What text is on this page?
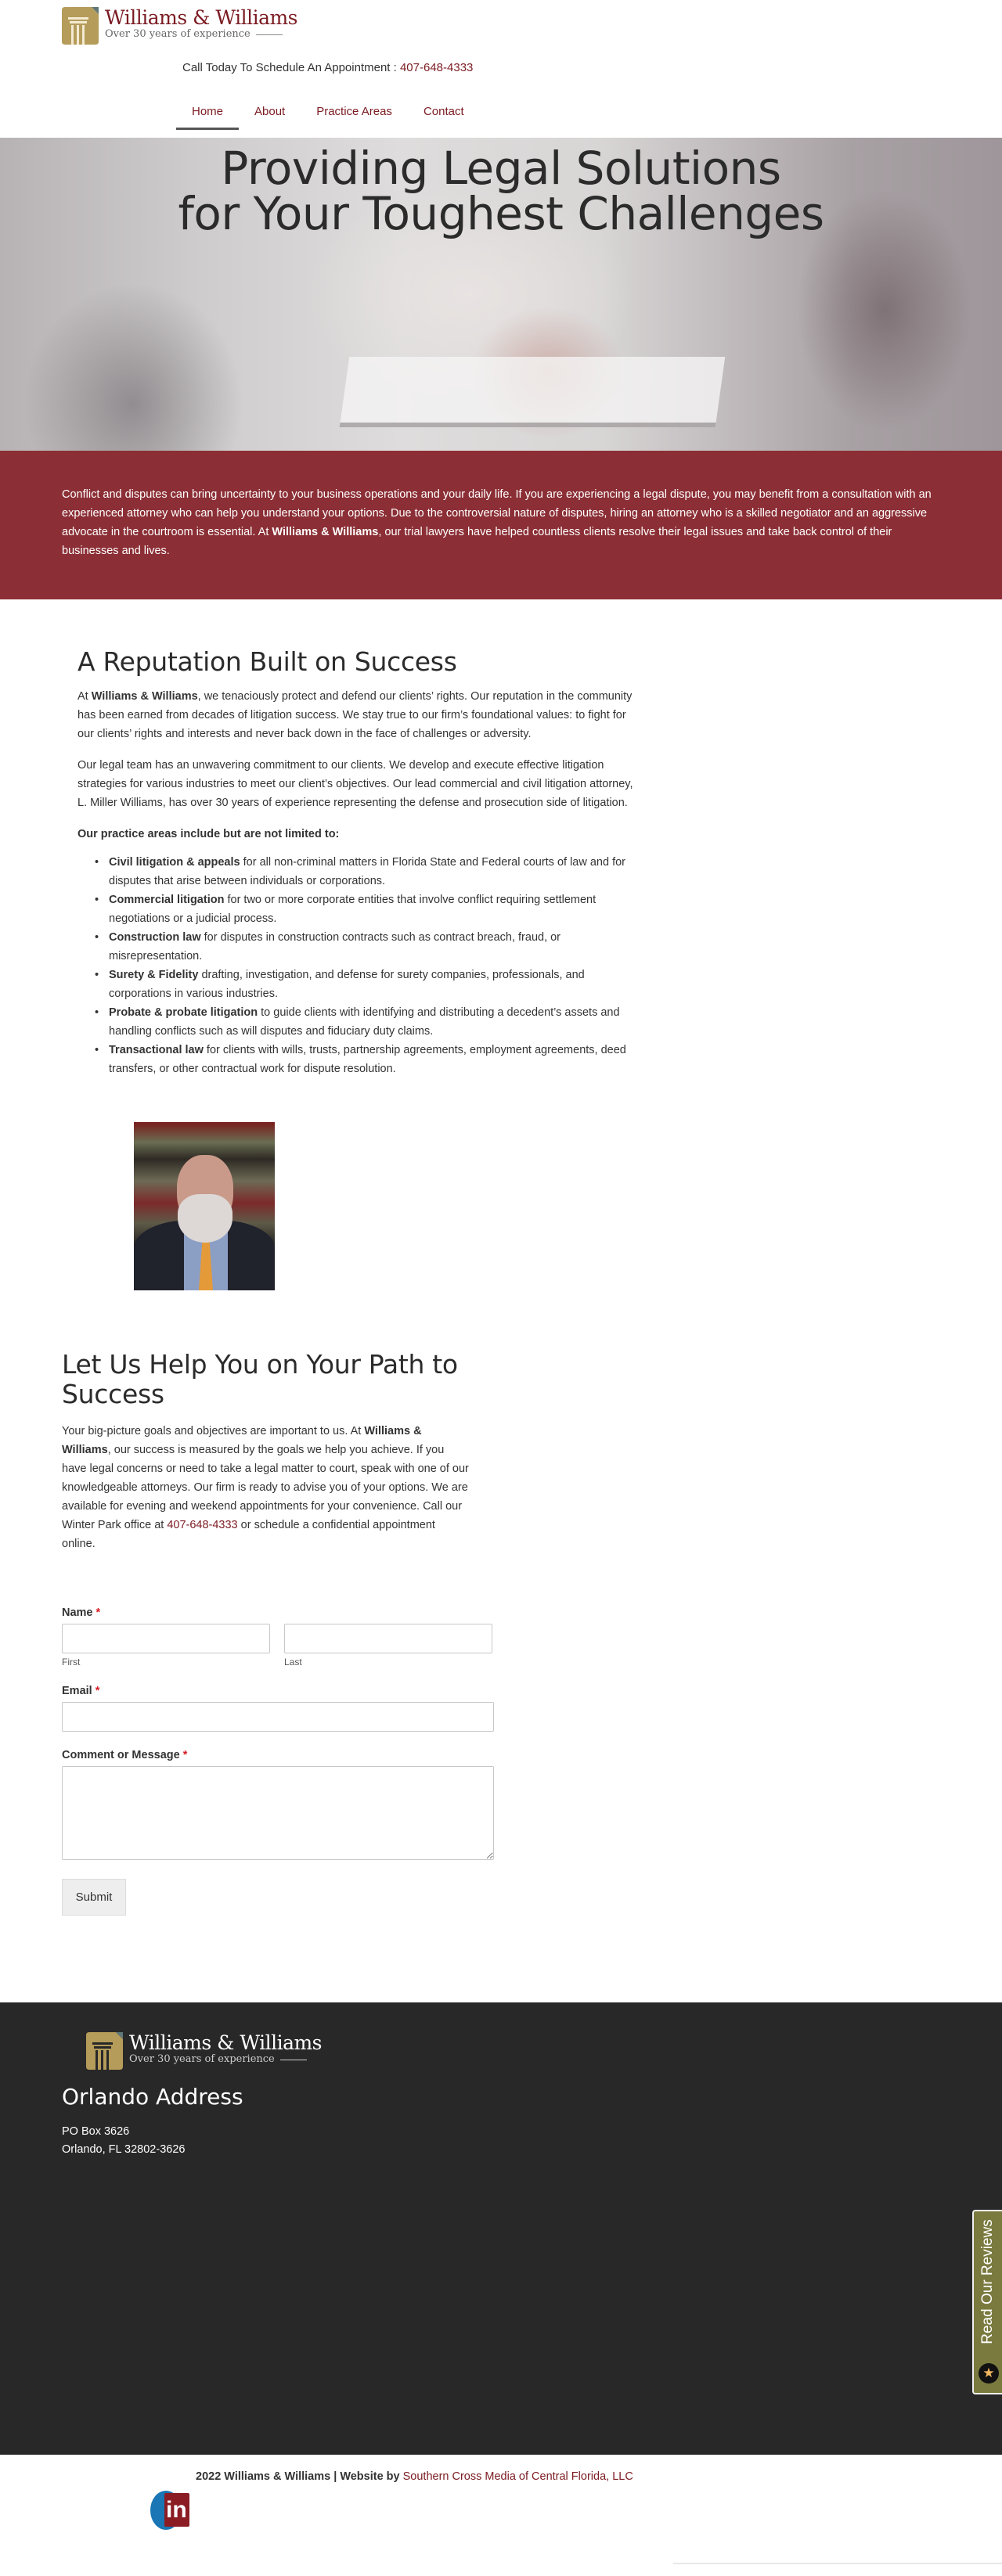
Williams & Williams
Over 30 years of experience
Call Today To Schedule An Appointment : 407-648-4333
Home	About	Practice Areas	Contact
Providing Legal Solutions
for Your Toughest Challenges

Conflict and disputes can bring uncertainty to your business operations and your daily life. If you are experiencing a legal dispute, you may benefit from a consultation with an experienced attorney who can help you understand your options. Due to the controversial nature of disputes, hiring an attorney who is a skilled negotiator and an aggressive advocate in the courtroom is essential. At Williams & Williams, our trial lawyers have helped countless clients resolve their legal issues and take back control of their businesses and lives.

A Reputation Built on Success

At Williams & Williams, we tenaciously protect and defend our clients’ rights. Our reputation in the community has been earned from decades of litigation success. We stay true to our firm’s foundational values: to fight for our clients’ rights and interests and never back down in the face of challenges or adversity.

Our legal team has an unwavering commitment to our clients. We develop and execute effective litigation strategies for various industries to meet our client’s objectives. Our lead commercial and civil litigation attorney, L. Miller Williams, has over 30 years of experience representing the defense and prosecution side of litigation.

Our practice areas include but are not limited to:

• Civil litigation & appeals for all non-criminal matters in Florida State and Federal courts of law and for disputes that arise between individuals or corporations.
• Commercial litigation for two or more corporate entities that involve conflict requiring settlement negotiations or a judicial process.
• Construction law for disputes in construction contracts such as contract breach, fraud, or misrepresentation.
• Surety & Fidelity drafting, investigation, and defense for surety companies, professionals, and corporations in various industries.
• Probate & probate litigation to guide clients with identifying and distributing a decedent’s assets and handling conflicts such as will disputes and fiduciary duty claims.
• Transactional law for clients with wills, trusts, partnership agreements, employment agreements, deed transfers, or other contractual work for dispute resolution.
Let Us Help You on Your Path to Success

Your big-picture goals and objectives are important to us. At Williams & Williams, our success is measured by the goals we help you achieve. If you have legal concerns or need to take a legal matter to court, speak with one of our knowledgeable attorneys. Our firm is ready to advise you of your options. We are available for evening and weekend appointments for your convenience. Call our Winter Park office at 407-648-4333 or schedule a confidential appointment online.

Name *
First	Last
Email *
Comment or Message *
Submit
Williams & Williams
Over 30 years of experience
Orlando Address
PO Box 3626
Orlando, FL 32802-3626
Read Our Reviews
★
2022 Williams & Williams | Website by Southern Cross Media of Central Florida, LLC
in
